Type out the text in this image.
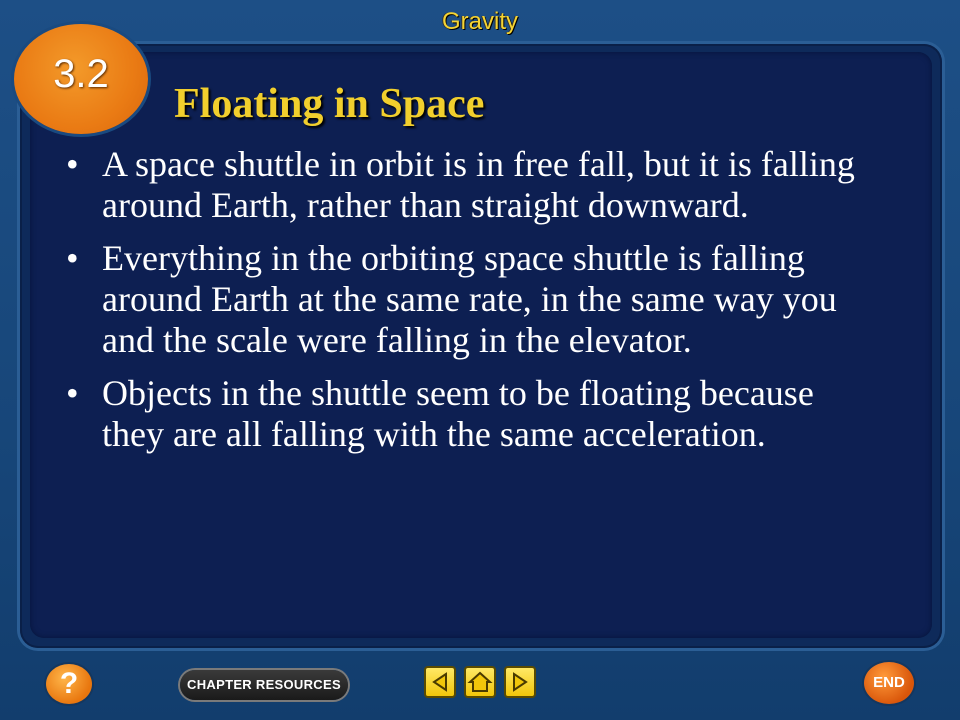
Gravity
3.2
Floating in Space
• A space shuttle in orbit is in free fall, but it is falling around Earth, rather than straight downward.
• Everything in the orbiting space shuttle is falling around Earth at the same rate, in the same way you and the scale were falling in the elevator.
• Objects in the shuttle seem to be floating because they are all falling with the same acceleration.
?	CHAPTER RESOURCES	END
